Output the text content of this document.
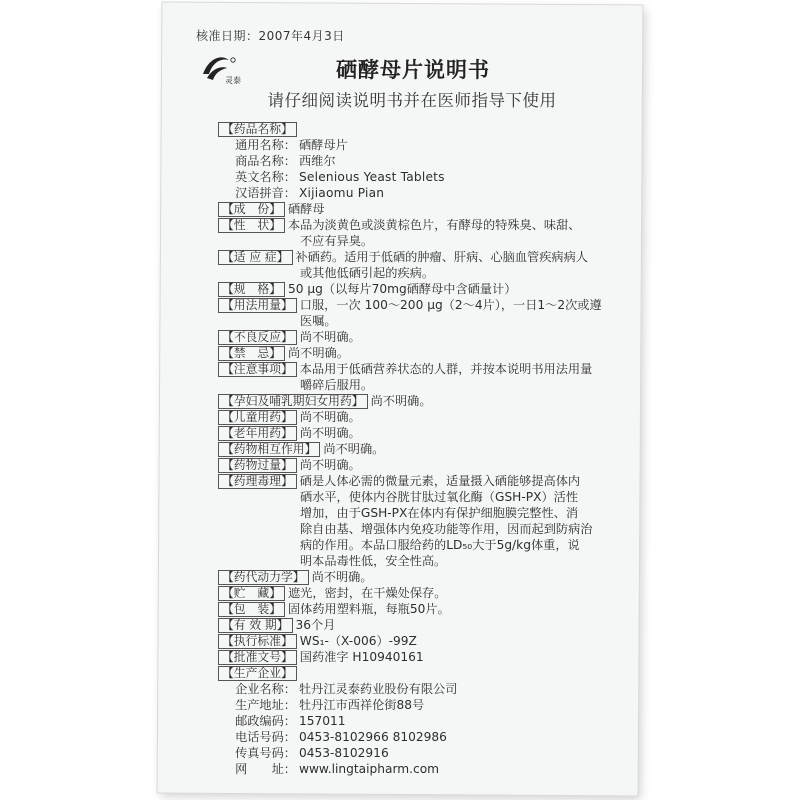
核准日期：2007年4月3日
灵泰	硒酵母片说明书
请仔细阅读说明书并在医师指导下使用
【药品名称】
通用名称： 硒酵母片
商品名称： 西维尔
英文名称： Selenious Yeast Tablets
汉语拼音： Xijiaomu Pian
【成　份】 硒酵母
【性　状】 本品为淡黄色或淡黄棕色片，有酵母的特殊臭、味甜、
不应有异臭。
【适 应 症】 补硒药。适用于低硒的肿瘤、肝病、心脑血管疾病病人
或其他低硒引起的疾病。
【规　格】 50 μg（以每片70mg硒酵母中含硒量计）
【用法用量】 口服，一次 100～200 μg（2～4片），一日1～2次或遵
医嘱。
【不良反应】 尚不明确。
【禁　忌】 尚不明确。
【注意事项】 本品用于低硒营养状态的人群，并按本说明书用法用量
嚼碎后服用。
【孕妇及哺乳期妇女用药】 尚不明确。
【儿童用药】 尚不明确。
【老年用药】 尚不明确。
【药物相互作用】 尚不明确。
【药物过量】 尚不明确。
【药理毒理】 硒是人体必需的微量元素，适量摄入硒能够提高体内
硒水平，使体内谷胱甘肽过氧化酶（GSH-PX）活性
增加，由于GSH-PX在体内有保护细胞膜完整性、消
除自由基、增强体内免疫功能等作用，因而起到防病治
病的作用。本品口服给药的LD₅₀大于5g/kg体重，说
明本品毒性低，安全性高。
【药代动力学】 尚不明确。
【贮　藏】 遮光，密封，在干燥处保存。
【包　装】 固体药用塑料瓶，每瓶50片。
【有 效 期】 36个月
【执行标准】 WS₁-（X-006）-99Z
【批准文号】 国药准字 H10940161
【生产企业】
企业名称： 牡丹江灵泰药业股份有限公司
生产地址： 牡丹江市西祥伦街88号
邮政编码： 157011
电话号码： 0453-8102966 8102986
传真号码： 0453-8102916
网　　址： www.lingtaipharm.com
